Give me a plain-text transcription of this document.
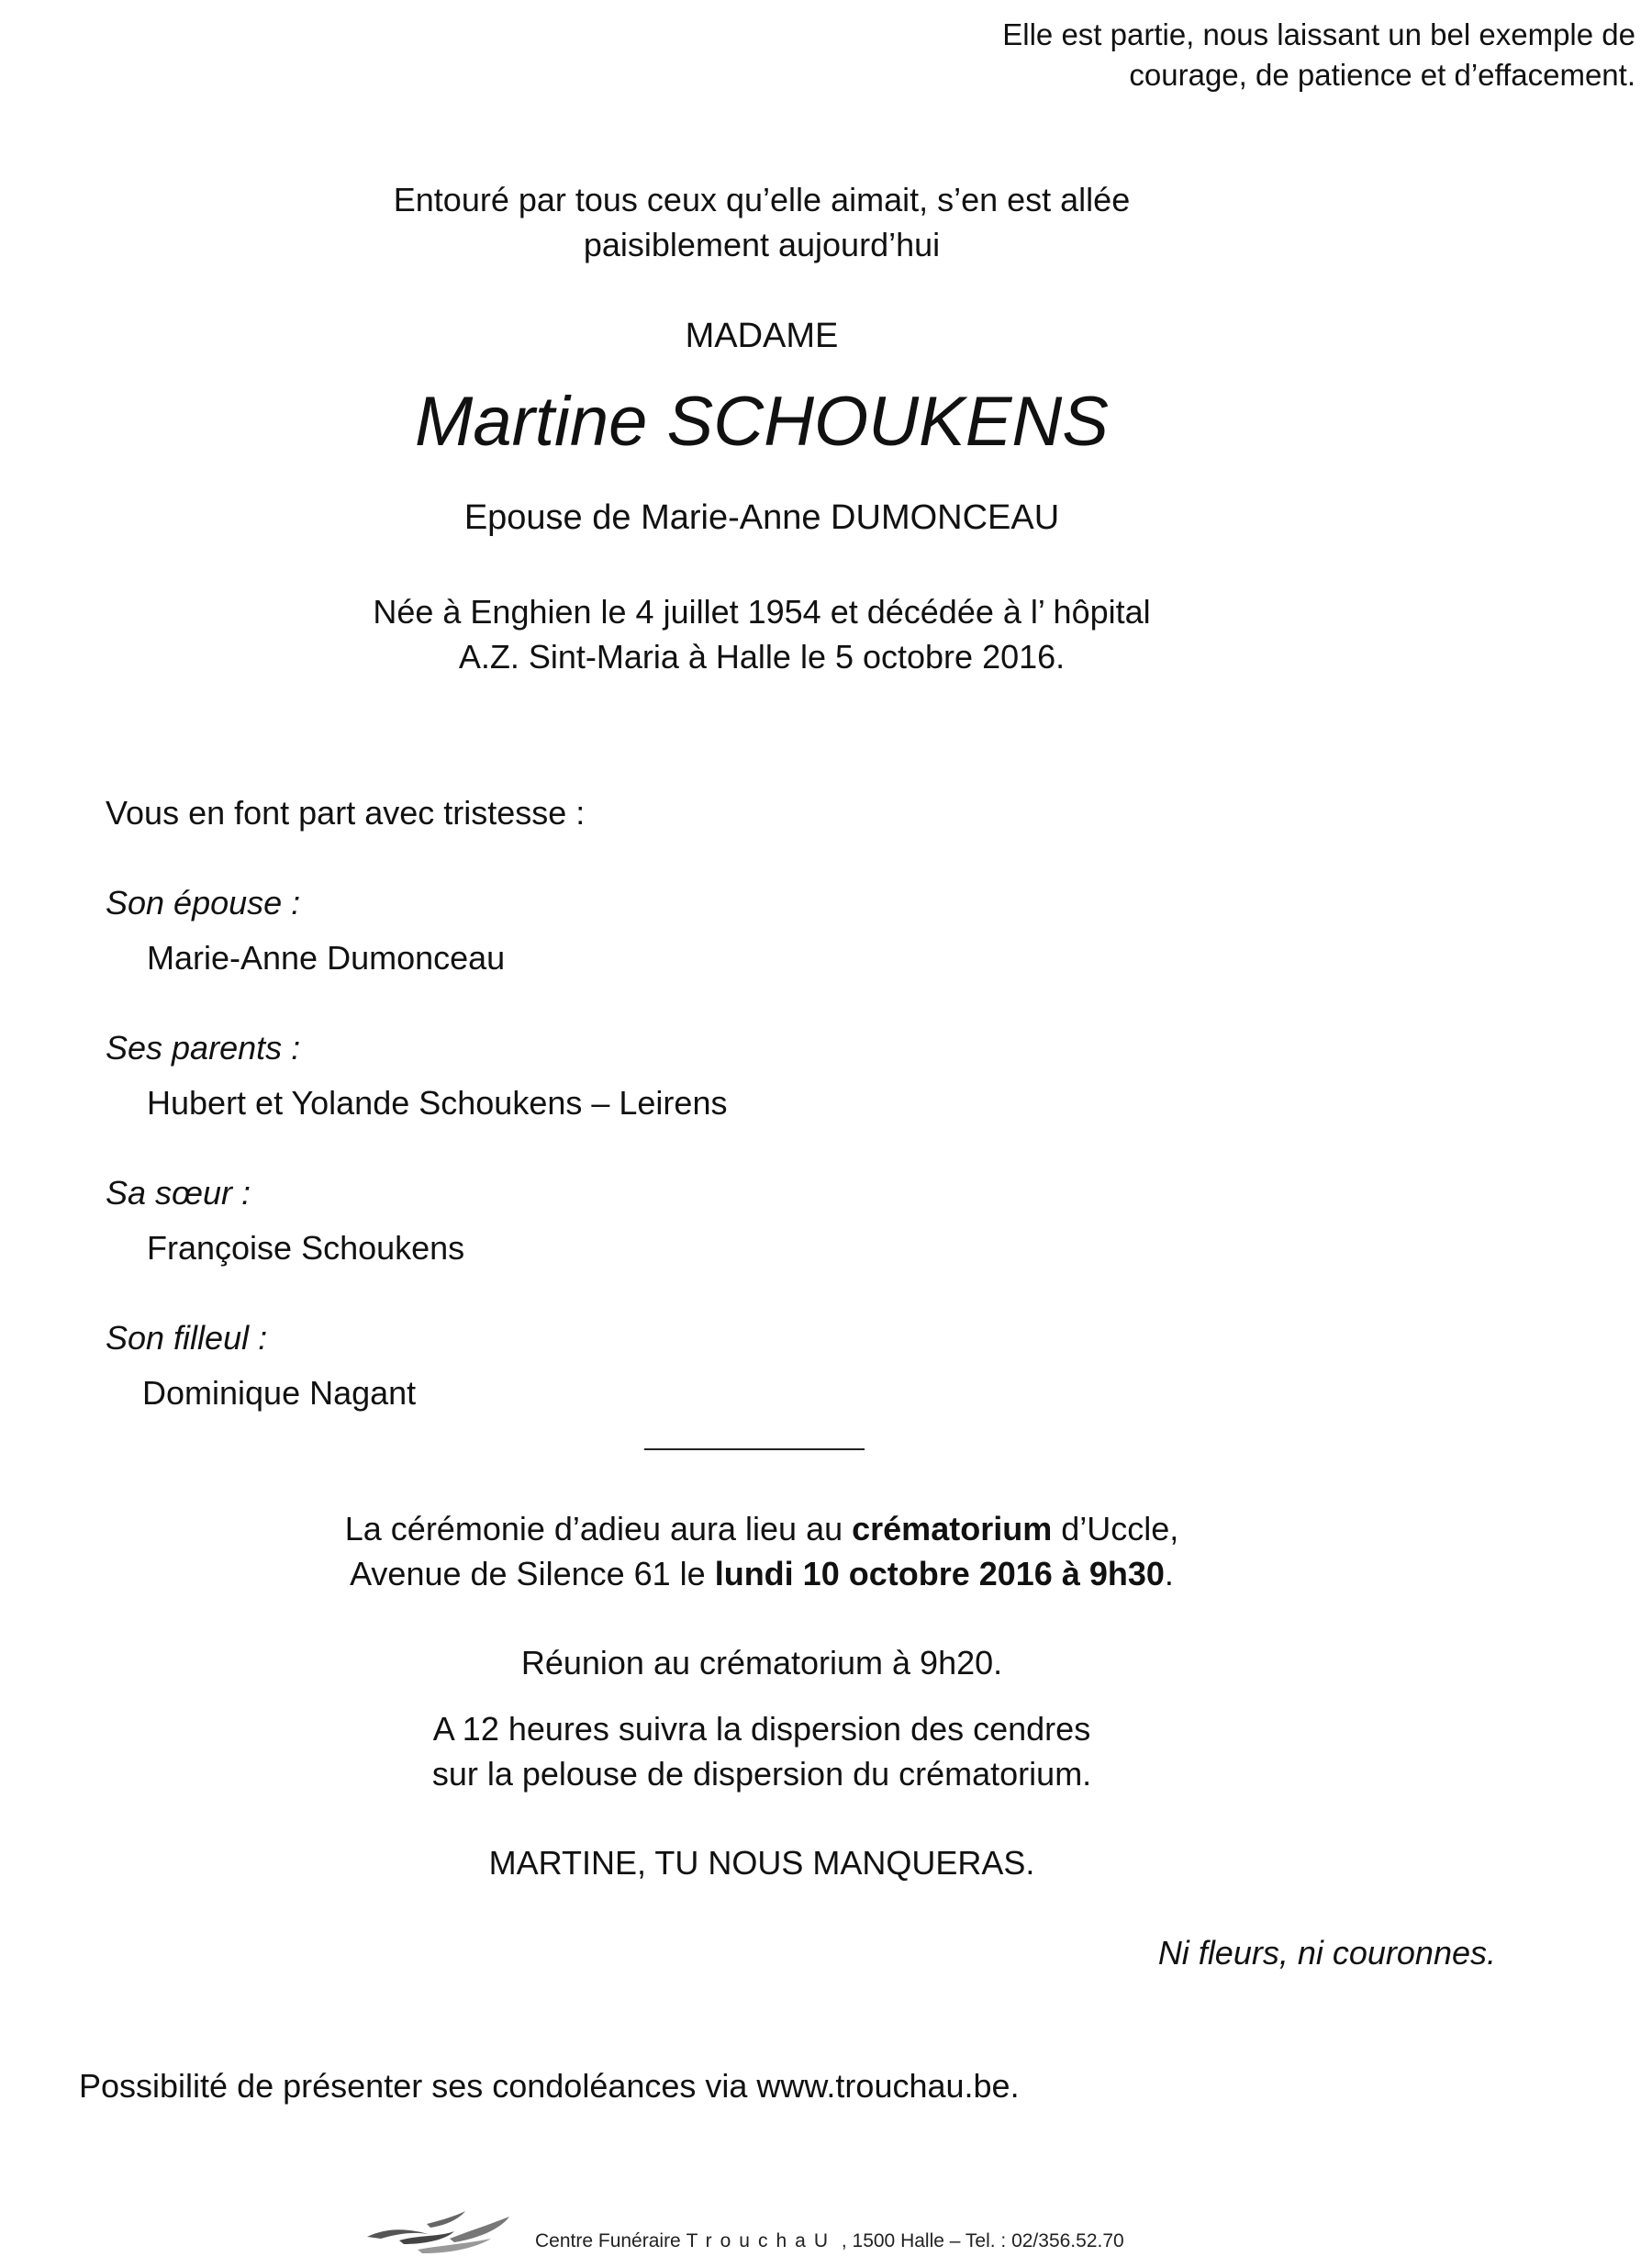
Elle est partie, nous laissant un bel exemple de
courage, de patience et d’effacement.
Entouré par tous ceux qu’elle aimait, s’en est allée
paisiblement aujourd’hui
MADAME
Martine SCHOUKENS
Epouse de Marie-Anne DUMONCEAU
Née à Enghien le 4 juillet 1954 et décédée à l’ hôpital
A.Z. Sint-Maria à Halle le 5 octobre 2016.
Vous en font part avec tristesse :
Son épouse :
Marie-Anne Dumonceau
Ses parents :
Hubert et Yolande Schoukens – Leirens
Sa sœur :
Françoise Schoukens
Son filleul :
Dominique Nagant
La cérémonie d’adieu aura lieu au crématorium d’Uccle,
Avenue de Silence 61 le lundi 10 octobre 2016 à 9h30.
Réunion au crématorium à 9h20.
A 12 heures suivra la dispersion des cendres
sur la pelouse de dispersion du crématorium.
MARTINE, TU NOUS MANQUERAS.
Ni fleurs, ni couronnes.
Possibilité de présenter ses condoléances via www.trouchau.be.
Centre Funéraire TrouchaU , 1500 Halle – Tel. : 02/356.52.70
